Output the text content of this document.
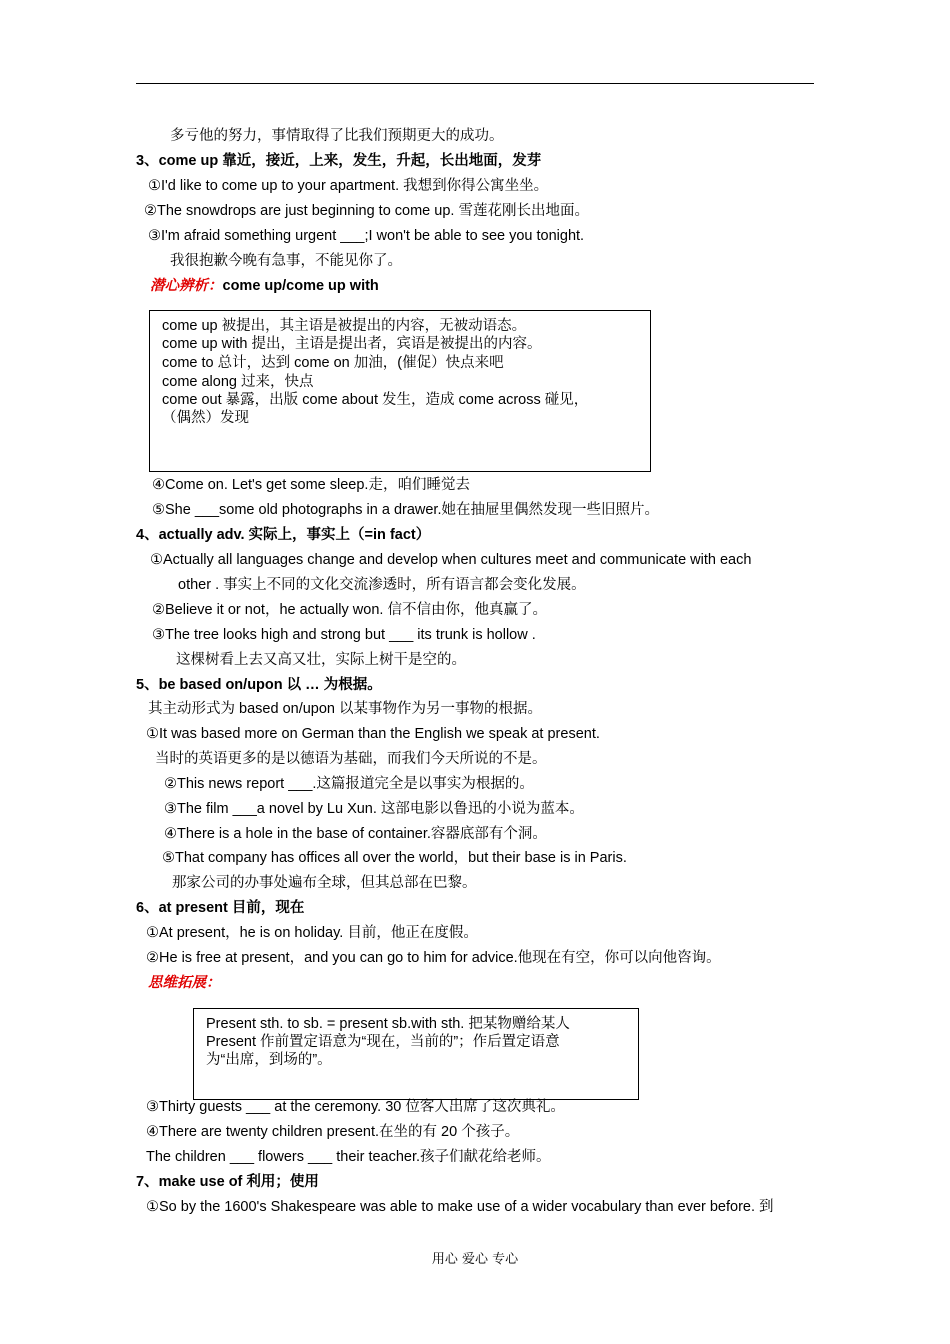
多亏他的努力，事情取得了比我们预期更大的成功。
3、come up 靠近，接近，上来，发生，升起，长出地面，发芽
①I'd like to come up to your apartment. 我想到你得公寓坐坐。
②The snowdrops are just beginning to come up. 雪莲花刚长出地面。
③I'm afraid something urgent ___;I won't be able to see you tonight.
我很抱歉今晚有急事，不能见你了。
潜心辨析：come up/come up with
come up 被提出，其主语是被提出的内容，无被动语态。
come up with 提出，主语是提出者，宾语是被提出的内容。
come to 总计，达到 come on 加油，(催促）快点来吧
come along 过来，快点
come out 暴露，出版 come about 发生，造成 come across 碰见，
（偶然）发现
④Come on. Let's get some sleep.走，咱们睡觉去
⑤She ___some old photographs in a drawer.她在抽屉里偶然发现一些旧照片。
4、actually adv. 实际上，事实上（=in fact）
①Actually all languages change and develop when cultures meet and communicate with each
other . 事实上不同的文化交流渗透时，所有语言都会变化发展。
②Believe it or not，he actually won. 信不信由你，他真赢了。
③The tree looks high and strong but ___ its trunk is hollow .
这棵树看上去又高又壮，实际上树干是空的。
5、be based on/upon 以 … 为根据。
其主动形式为 based on/upon 以某事物作为另一事物的根据。
①It was based more on German than the English we speak at present.
当时的英语更多的是以德语为基础，而我们今天所说的不是。
②This news report ___.这篇报道完全是以事实为根据的。
③The film ___a novel by Lu Xun. 这部电影以鲁迅的小说为蓝本。
④There is a hole in the base of container.容器底部有个洞。
⑤That company has offices all over the world，but their base is in Paris.
那家公司的办事处遍布全球，但其总部在巴黎。
6、at present 目前，现在
①At present，he is on holiday. 目前，他正在度假。
②He is free at present，and you can go to him for advice.他现在有空，你可以向他咨询。
思维拓展：
Present sth. to sb. = present sb.with sth. 把某物赠给某人
Present 作前置定语意为“现在，当前的”；作后置定语意
为“出席，到场的”。
③Thirty guests ___ at the ceremony. 30 位客人出席了这次典礼。
④There are twenty children present.在坐的有 20 个孩子。
The children ___ flowers ___ their teacher.孩子们献花给老师。
7、make use of 利用；使用
①So by the 1600's Shakespeare was able to make use of a wider vocabulary than ever before. 到
用心 爱心 专心
